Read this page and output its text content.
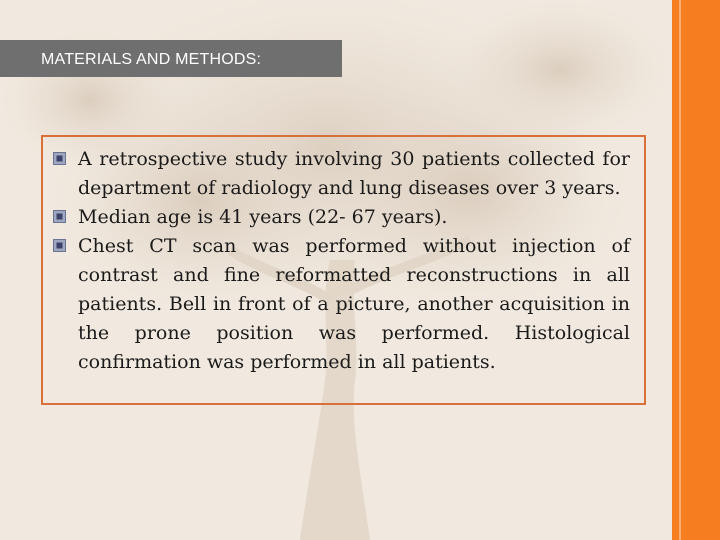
MATERIALS AND METHODS:
A retrospective study involving 30 patients collected for department of radiology and lung diseases over 3 years.
Median age is 41 years (22- 67 years).
Chest CT scan was performed without injection of contrast and fine reformatted reconstructions in all patients. Bell in front of a picture, another acquisition in the prone position was performed. Histological confirmation was performed in all patients.
